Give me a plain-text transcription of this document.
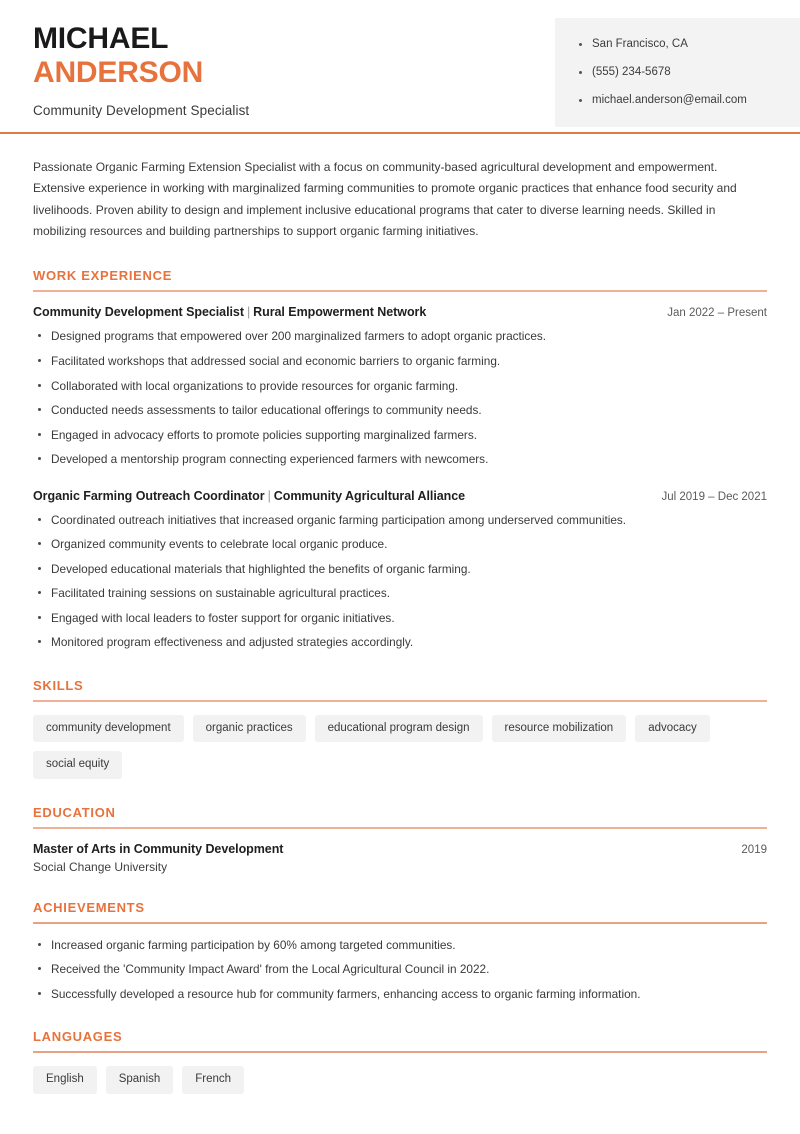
MICHAEL
ANDERSON
Community Development Specialist
San Francisco, CA
(555) 234-5678
michael.anderson@email.com

Passionate Organic Farming Extension Specialist with a focus on community-based agricultural development and empowerment. Extensive experience in working with marginalized farming communities to promote organic practices that enhance food security and livelihoods. Proven ability to design and implement inclusive educational programs that cater to diverse learning needs. Skilled in mobilizing resources and building partnerships to support organic farming initiatives.

WORK EXPERIENCE
Community Development Specialist | Rural Empowerment Network	Jan 2022 – Present
Designed programs that empowered over 200 marginalized farmers to adopt organic practices.
Facilitated workshops that addressed social and economic barriers to organic farming.
Collaborated with local organizations to provide resources for organic farming.
Conducted needs assessments to tailor educational offerings to community needs.
Engaged in advocacy efforts to promote policies supporting marginalized farmers.
Developed a mentorship program connecting experienced farmers with newcomers.
Organic Farming Outreach Coordinator | Community Agricultural Alliance	Jul 2019 – Dec 2021
Coordinated outreach initiatives that increased organic farming participation among underserved communities.
Organized community events to celebrate local organic produce.
Developed educational materials that highlighted the benefits of organic farming.
Facilitated training sessions on sustainable agricultural practices.
Engaged with local leaders to foster support for organic initiatives.
Monitored program effectiveness and adjusted strategies accordingly.
SKILLS
community development	organic practices	educational program design	resource mobilization	advocacy
social equity
EDUCATION
Master of Arts in Community Development	2019
Social Change University
ACHIEVEMENTS
Increased organic farming participation by 60% among targeted communities.
Received the 'Community Impact Award' from the Local Agricultural Council in 2022.
Successfully developed a resource hub for community farmers, enhancing access to organic farming information.
LANGUAGES
English	Spanish	French
